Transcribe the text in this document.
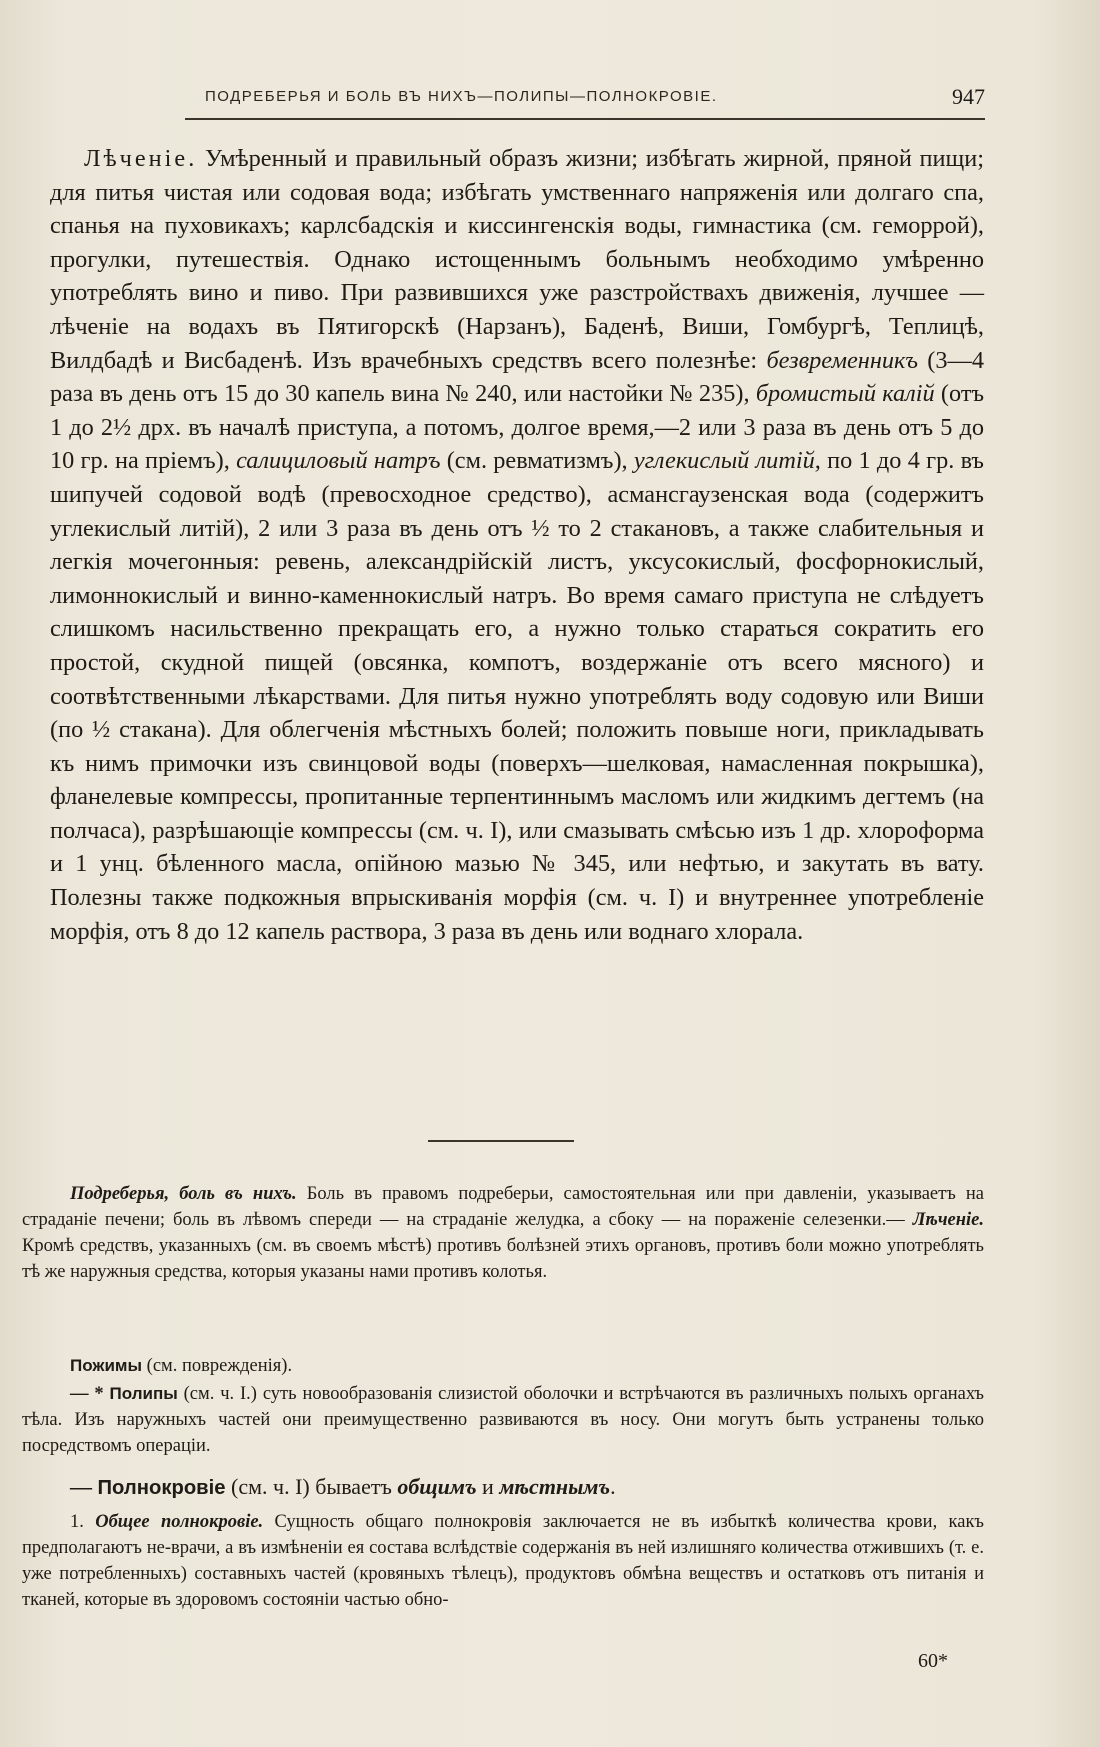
ПОДРЕБЕРЬЯ И БОЛЬ ВЪ НИХЪ—ПОЛИПЫ—ПОЛНОКРОВІЕ.	947

Лѣченіе. Умѣренный и правильный образъ жизни; избѣгать жирной, пряной пищи; для питья чистая или содовая вода; избѣгать умственнаго напряженія или долгаго спа, спанья на пуховикахъ; карлсбадскія и киссингенскія воды, гимнастика (см. геморрой), прогулки, путешествія. Однако истощеннымъ больнымъ необходимо умѣренно употреблять вино и пиво. При развившихся уже разстройствахъ движенія, лучшее — лѣченіе на водахъ въ Пятигорскѣ (Нарзанъ), Баденѣ, Виши, Гомбургѣ, Теплицѣ, Вилдбадѣ и Висбаденѣ. Изъ врачебныхъ средствъ всего полезнѣе: безвременникъ (3—4 раза въ день отъ 15 до 30 капель вина № 240, или настойки № 235), бромистый калій (отъ 1 до 2½ дрх. въ началѣ приступа, а потомъ, долгое время,—2 или 3 раза въ день отъ 5 до 10 гр. на пріемъ), салициловый натръ (см. ревматизмъ), углекислый литій, по 1 до 4 гр. въ шипучей содовой водѣ (превосходное средство), асмансгаузенская вода (содержитъ углекислый литій), 2 или 3 раза въ день отъ ½ то 2 стакановъ, а также слабительныя и легкія мочегонныя: ревень, александрійскій листъ, уксусокислый, фосфорнокислый, лимоннокислый и винно-каменнокислый натръ. Во время самаго приступа не слѣдуетъ слишкомъ насильственно прекращать его, а нужно только стараться сократить его простой, скудной пищей (овсянка, компотъ, воздержаніе отъ всего мясного) и соотвѣтственными лѣкарствами. Для питья нужно употреблять воду содовую или Виши (по ½ стакана). Для облегченія мѣстныхъ болей; положить повыше ноги, прикладывать къ нимъ примочки изъ свинцовой воды (поверхъ—шелковая, намасленная покрышка), фланелевые компрессы, пропитанные терпентиннымъ масломъ или жидкимъ дегтемъ (на полчаса), разрѣшающіе компрессы (см. ч. I), или смазывать смѣсью изъ 1 др. хлороформа и 1 унц. бѣленного масла, опійною мазью № 345, или нефтью, и закутать въ вату. Полезны также подкожныя впрыскиванія морфія (см. ч. I) и внутреннее употребленіе морфія, отъ 8 до 12 капель раствора, 3 раза въ день или воднаго хлорала.

Подреберья, боль въ нихъ. Боль въ правомъ подреберьи, самостоятельная или при давленіи, указываетъ на страданіе печени; боль въ лѣвомъ спереди — на страданіе желудка, а сбоку — на пораженіе селезенки.— Лѣченіе. Кромѣ средствъ, указанныхъ (см. въ своемъ мѣстѣ) противъ болѣзней этихъ органовъ, противъ боли можно употреблять тѣ же наружныя средства, которыя указаны нами противъ колотья.

Пожимы (см. поврежденія).

— * Полипы (см. ч. I.) суть новообразованія слизистой оболочки и встрѣчаются въ различныхъ полыхъ органахъ тѣла. Изъ наружныхъ частей они преимущественно развиваются въ носу. Они могутъ быть устранены только посредствомъ операціи.

— Полнокровіе (см. ч. I) бываетъ общимъ и мѣстнымъ.

1. Общее полнокровіе. Сущность общаго полнокровія заключается не въ избыткѣ количества крови, какъ предполагаютъ не-врачи, а въ измѣненіи ея состава вслѣдствіе содержанія въ ней излишняго количества отжившихъ (т. е. уже потребленныхъ) составныхъ частей (кровяныхъ тѣлецъ), продуктовъ обмѣна веществъ и остатковъ отъ питанія и тканей, которые въ здоровомъ состояніи частью обно-

60*
